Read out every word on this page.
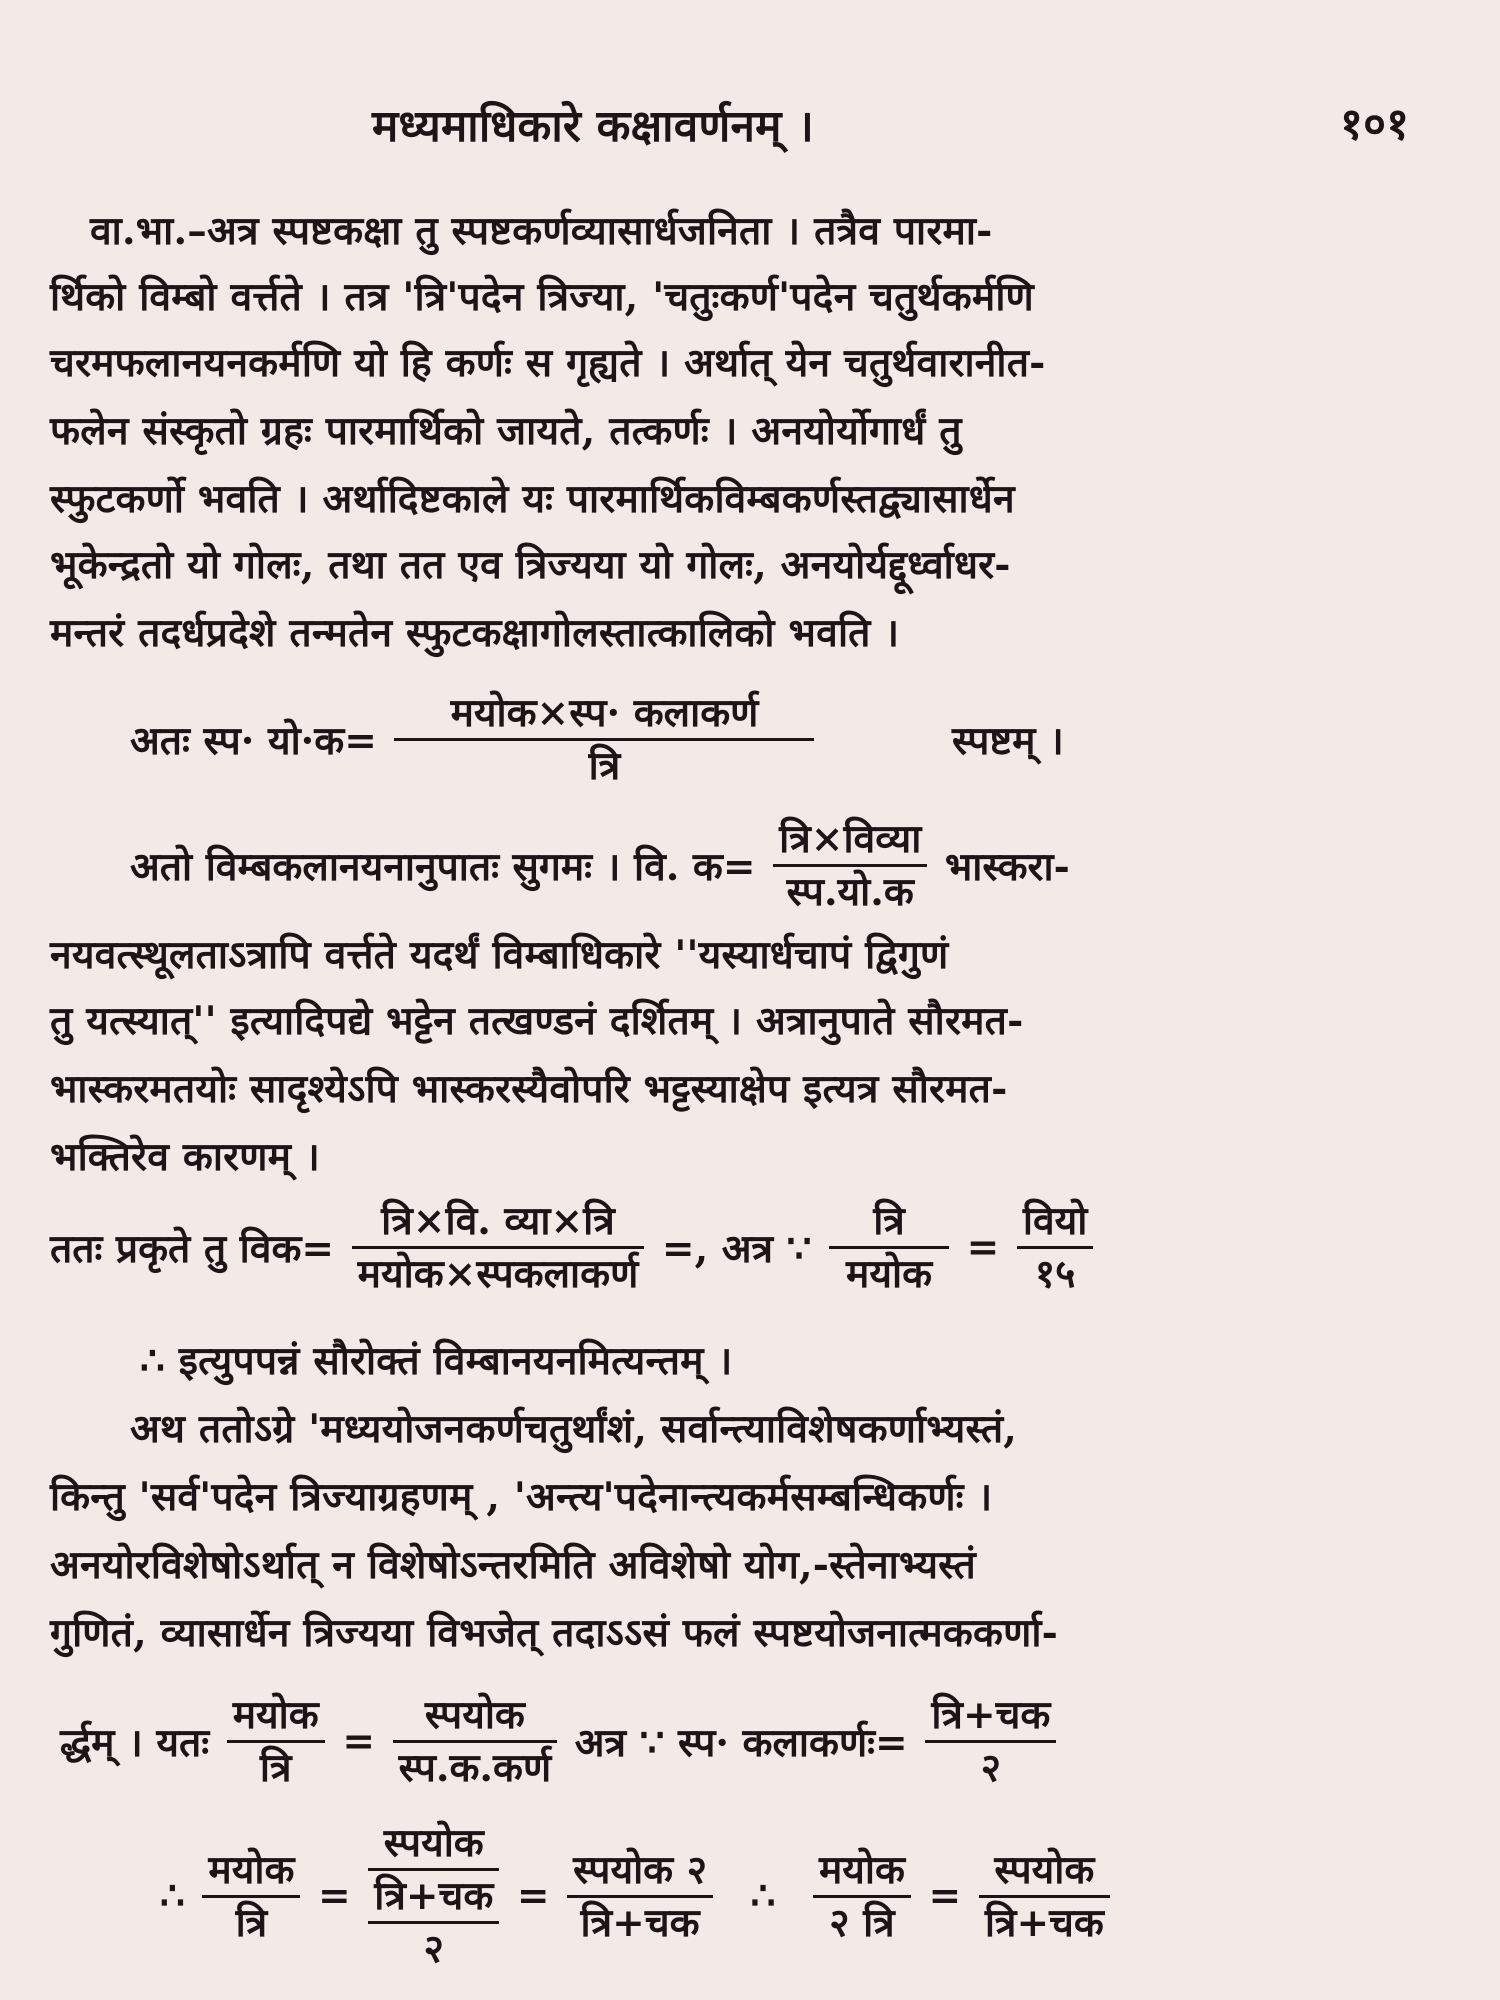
मध्यमाधिकारे कक्षावर्णनम् ।	१०१
वा.भा.–अत्र स्पष्टकक्षा तु स्पष्टकर्णव्यासार्धजनिता । तत्रैव पारमा-
र्थिको विम्बो वर्त्तते । तत्र 'त्रि'पदेन त्रिज्या, 'चतुःकर्ण'पदेन चतुर्थकर्मणि
चरमफलानयनकर्मणि यो हि कर्णः स गृह्यते । अर्थात् येन चतुर्थवारानीत-
फलेन संस्कृतो ग्रहः पारमार्थिको जायते, तत्कर्णः । अनयोर्योगार्धं तु
स्फुटकर्णो भवति । अर्थादिष्टकाले यः पारमार्थिकविम्बकर्णस्तद्व्यासार्धेन
भूकेन्द्रतो यो गोलः, तथा तत एव त्रिज्यया यो गोलः, अनयोर्यद्दूर्ध्वाधर-
मन्तरं तदर्धप्रदेशे तन्मतेन स्फुटकक्षागोलस्तात्कालिको भवति ।
अतः स्प· यो·क=
मयोक×स्प· कलाकर्ण
त्रि
स्पष्टम् ।
अतो विम्बकलानयनानुपातः सुगमः । वि. क=
त्रि×विव्या
स्प.यो.क
भास्करा-
नयवत्स्थूलताऽत्रापि वर्त्तते यदर्थं विम्बाधिकारे ''यस्यार्धचापं द्विगुणं
तु यत्स्यात्'' इत्यादिपद्ये भट्टेन तत्खण्डनं दर्शितम् । अत्रानुपाते सौरमत-
भास्करमतयोः सादृश्येऽपि भास्करस्यैवोपरि भट्टस्याक्षेप इत्यत्र सौरमत-
भक्तिरेव कारणम् ।
ततः प्रकृते तु विक=
त्रि×वि. व्या×त्रि
मयोक×स्पकलाकर्ण
=, अत्र ∵
त्रि
मयोक
=
वियो
१५
∴ इत्युपपन्नं सौरोक्तं विम्बानयनमित्यन्तम् ।
अथ ततोऽग्रे 'मध्ययोजनकर्णचतुर्थांशं, सर्वान्त्याविशेषकर्णाभ्यस्तं,
किन्तु 'सर्व'पदेन त्रिज्याग्रहणम् , 'अन्त्य'पदेनान्त्यकर्मसम्बन्धिकर्णः ।
अनयोरविशेषोऽर्थात् न विशेषोऽन्तरमिति अविशेषो योग,-स्तेनाभ्यस्तं
गुणितं, व्यासार्धेन त्रिज्यया विभजेत् तदाऽऽसं फलं स्पष्टयोजनात्मककर्णा-
र्द्धम् । यतः
मयोक
त्रि
=
स्पयोक
स्प.क.कर्ण
अत्र ∵ स्प· कलाकर्णः=
त्रि+चक
२
∴
मयोक
त्रि
=
स्पयोक
त्रि+चक
२
=
स्पयोक २
त्रि+चक
∴
मयोक
२ त्रि
=
स्पयोक
त्रि+चक
